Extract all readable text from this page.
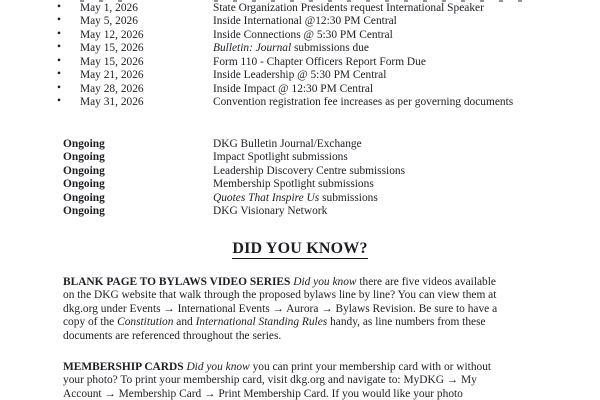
• May 1, 2026	State Organization Presidents request International Speaker
• May 5, 2026	Inside International @12:30 PM Central
• May 12, 2026	Inside Connections @ 5:30 PM Central
• May 15, 2026	Bulletin: Journal submissions due
• May 15, 2026	Form 110 - Chapter Officers Report Form Due
• May 21, 2026	Inside Leadership @ 5:30 PM Central
• May 28, 2026	Inside Impact @ 12:30 PM Central
• May 31, 2026	Convention registration fee increases as per governing documents
Ongoing	DKG Bulletin Journal/Exchange
Ongoing	Impact Spotlight submissions
Ongoing	Leadership Discovery Centre submissions
Ongoing	Membership Spotlight submissions
Ongoing	Quotes That Inspire Us submissions
Ongoing	DKG Visionary Network
DID YOU KNOW?
BLANK PAGE TO BYLAWS VIDEO SERIES Did you know there are five videos available
on the DKG website that walk through the proposed bylaws line by line? You can view them at
dkg.org under Events → International Events → Aurora → Bylaws Revision. Be sure to have a
copy of the Constitution and International Standing Rules handy, as line numbers from these
documents are referenced throughout the series.
MEMBERSHIP CARDS Did you know you can print your membership card with or without
your photo? To print your membership card, visit dkg.org and navigate to: MyDKG → My
Account → Membership Card → Print Membership Card. If you would like your photo
